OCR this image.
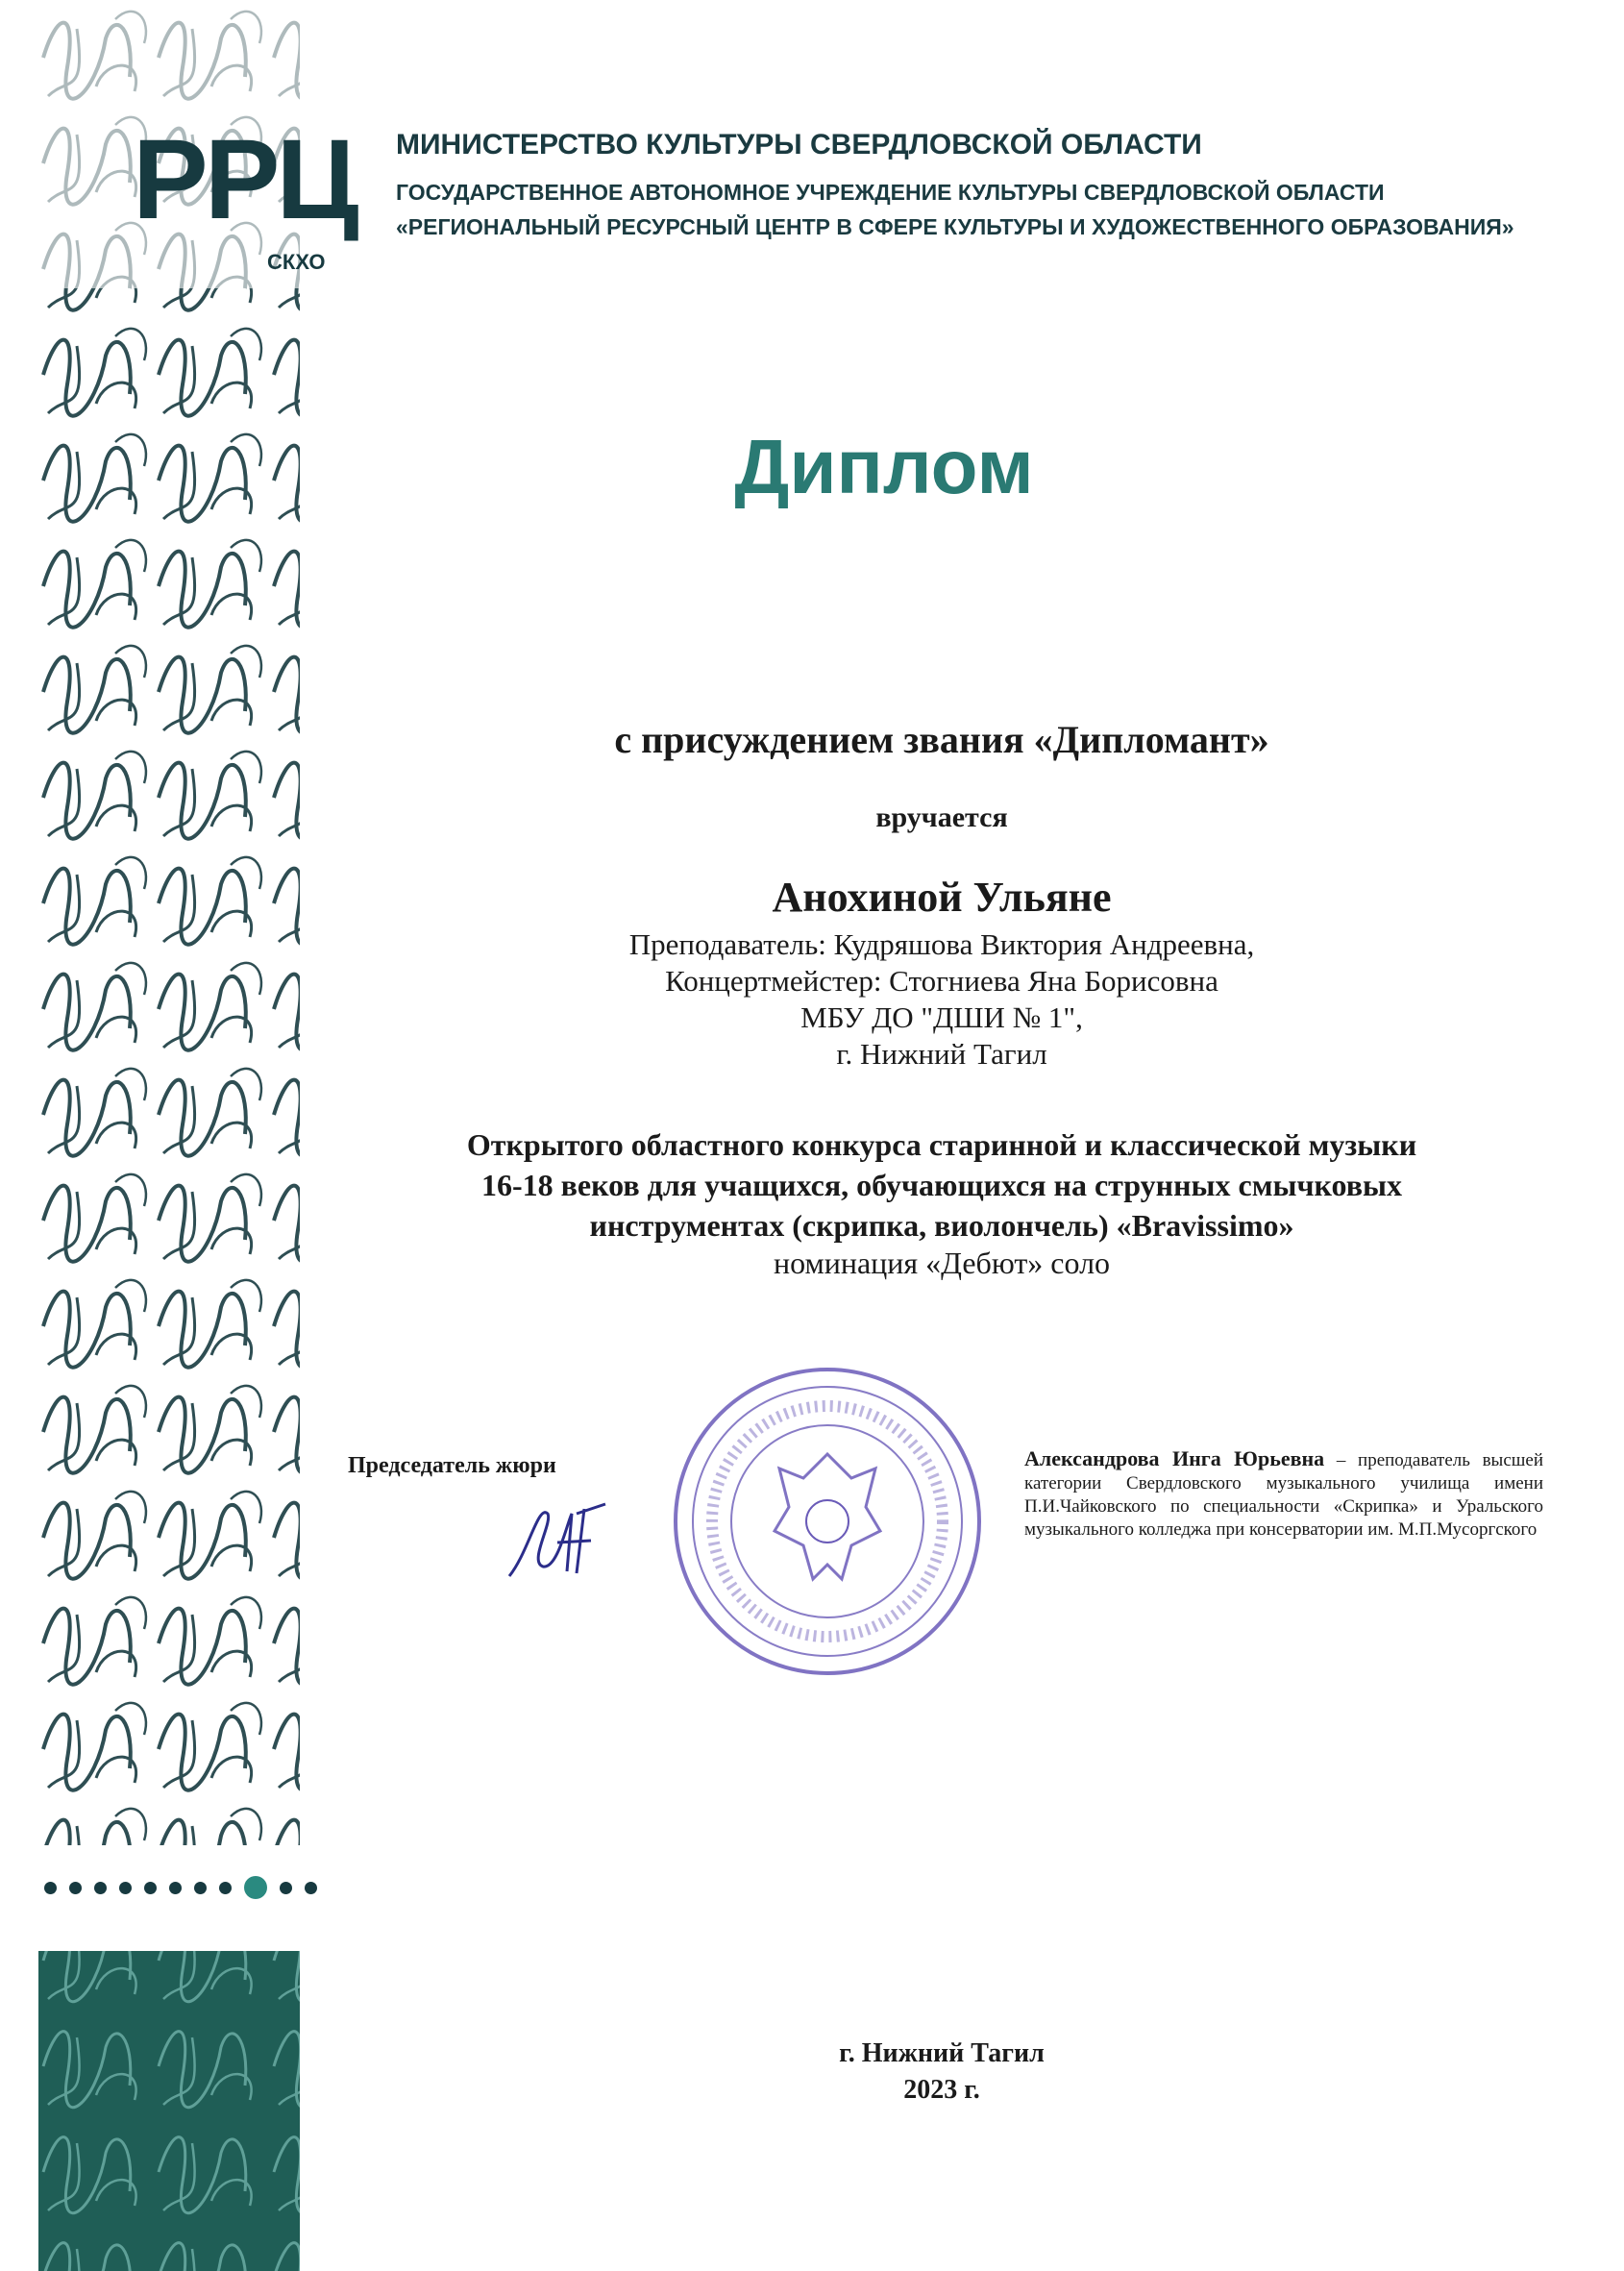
РРЦ
СКХО
МИНИСТЕРСТВО КУЛЬТУРЫ СВЕРДЛОВСКОЙ ОБЛАСТИ
ГОСУДАРСТВЕННОЕ АВТОНОМНОЕ УЧРЕЖДЕНИЕ КУЛЬТУРЫ СВЕРДЛОВСКОЙ ОБЛАСТИ
«РЕГИОНАЛЬНЫЙ РЕСУРСНЫЙ ЦЕНТР В СФЕРЕ КУЛЬТУРЫ И ХУДОЖЕСТВЕННОГО ОБРАЗОВАНИЯ»
Диплом
с присуждением звания «Дипломант»
вручается
Анохиной Ульяне
Преподаватель: Кудряшова Виктория Андреевна,
Концертмейстер: Стогниева Яна Борисовна
МБУ ДО "ДШИ № 1",
г. Нижний Тагил
Открытого областного конкурса старинной и классической музыки
16-18 веков для учащихся, обучающихся на струнных смычковых
инструментах (скрипка, виолончель) «Bravissimo»
номинация «Дебют» соло
Председатель жюри	Александрова Инга Юрьевна – преподаватель высшей категории Свердловского музыкального училища имени П.И.Чайковского по специальности «Скрипка» и Уральского музыкального колледжа при консерватории им. М.П.Мусоргского
г. Нижний Тагил
2023 г.
